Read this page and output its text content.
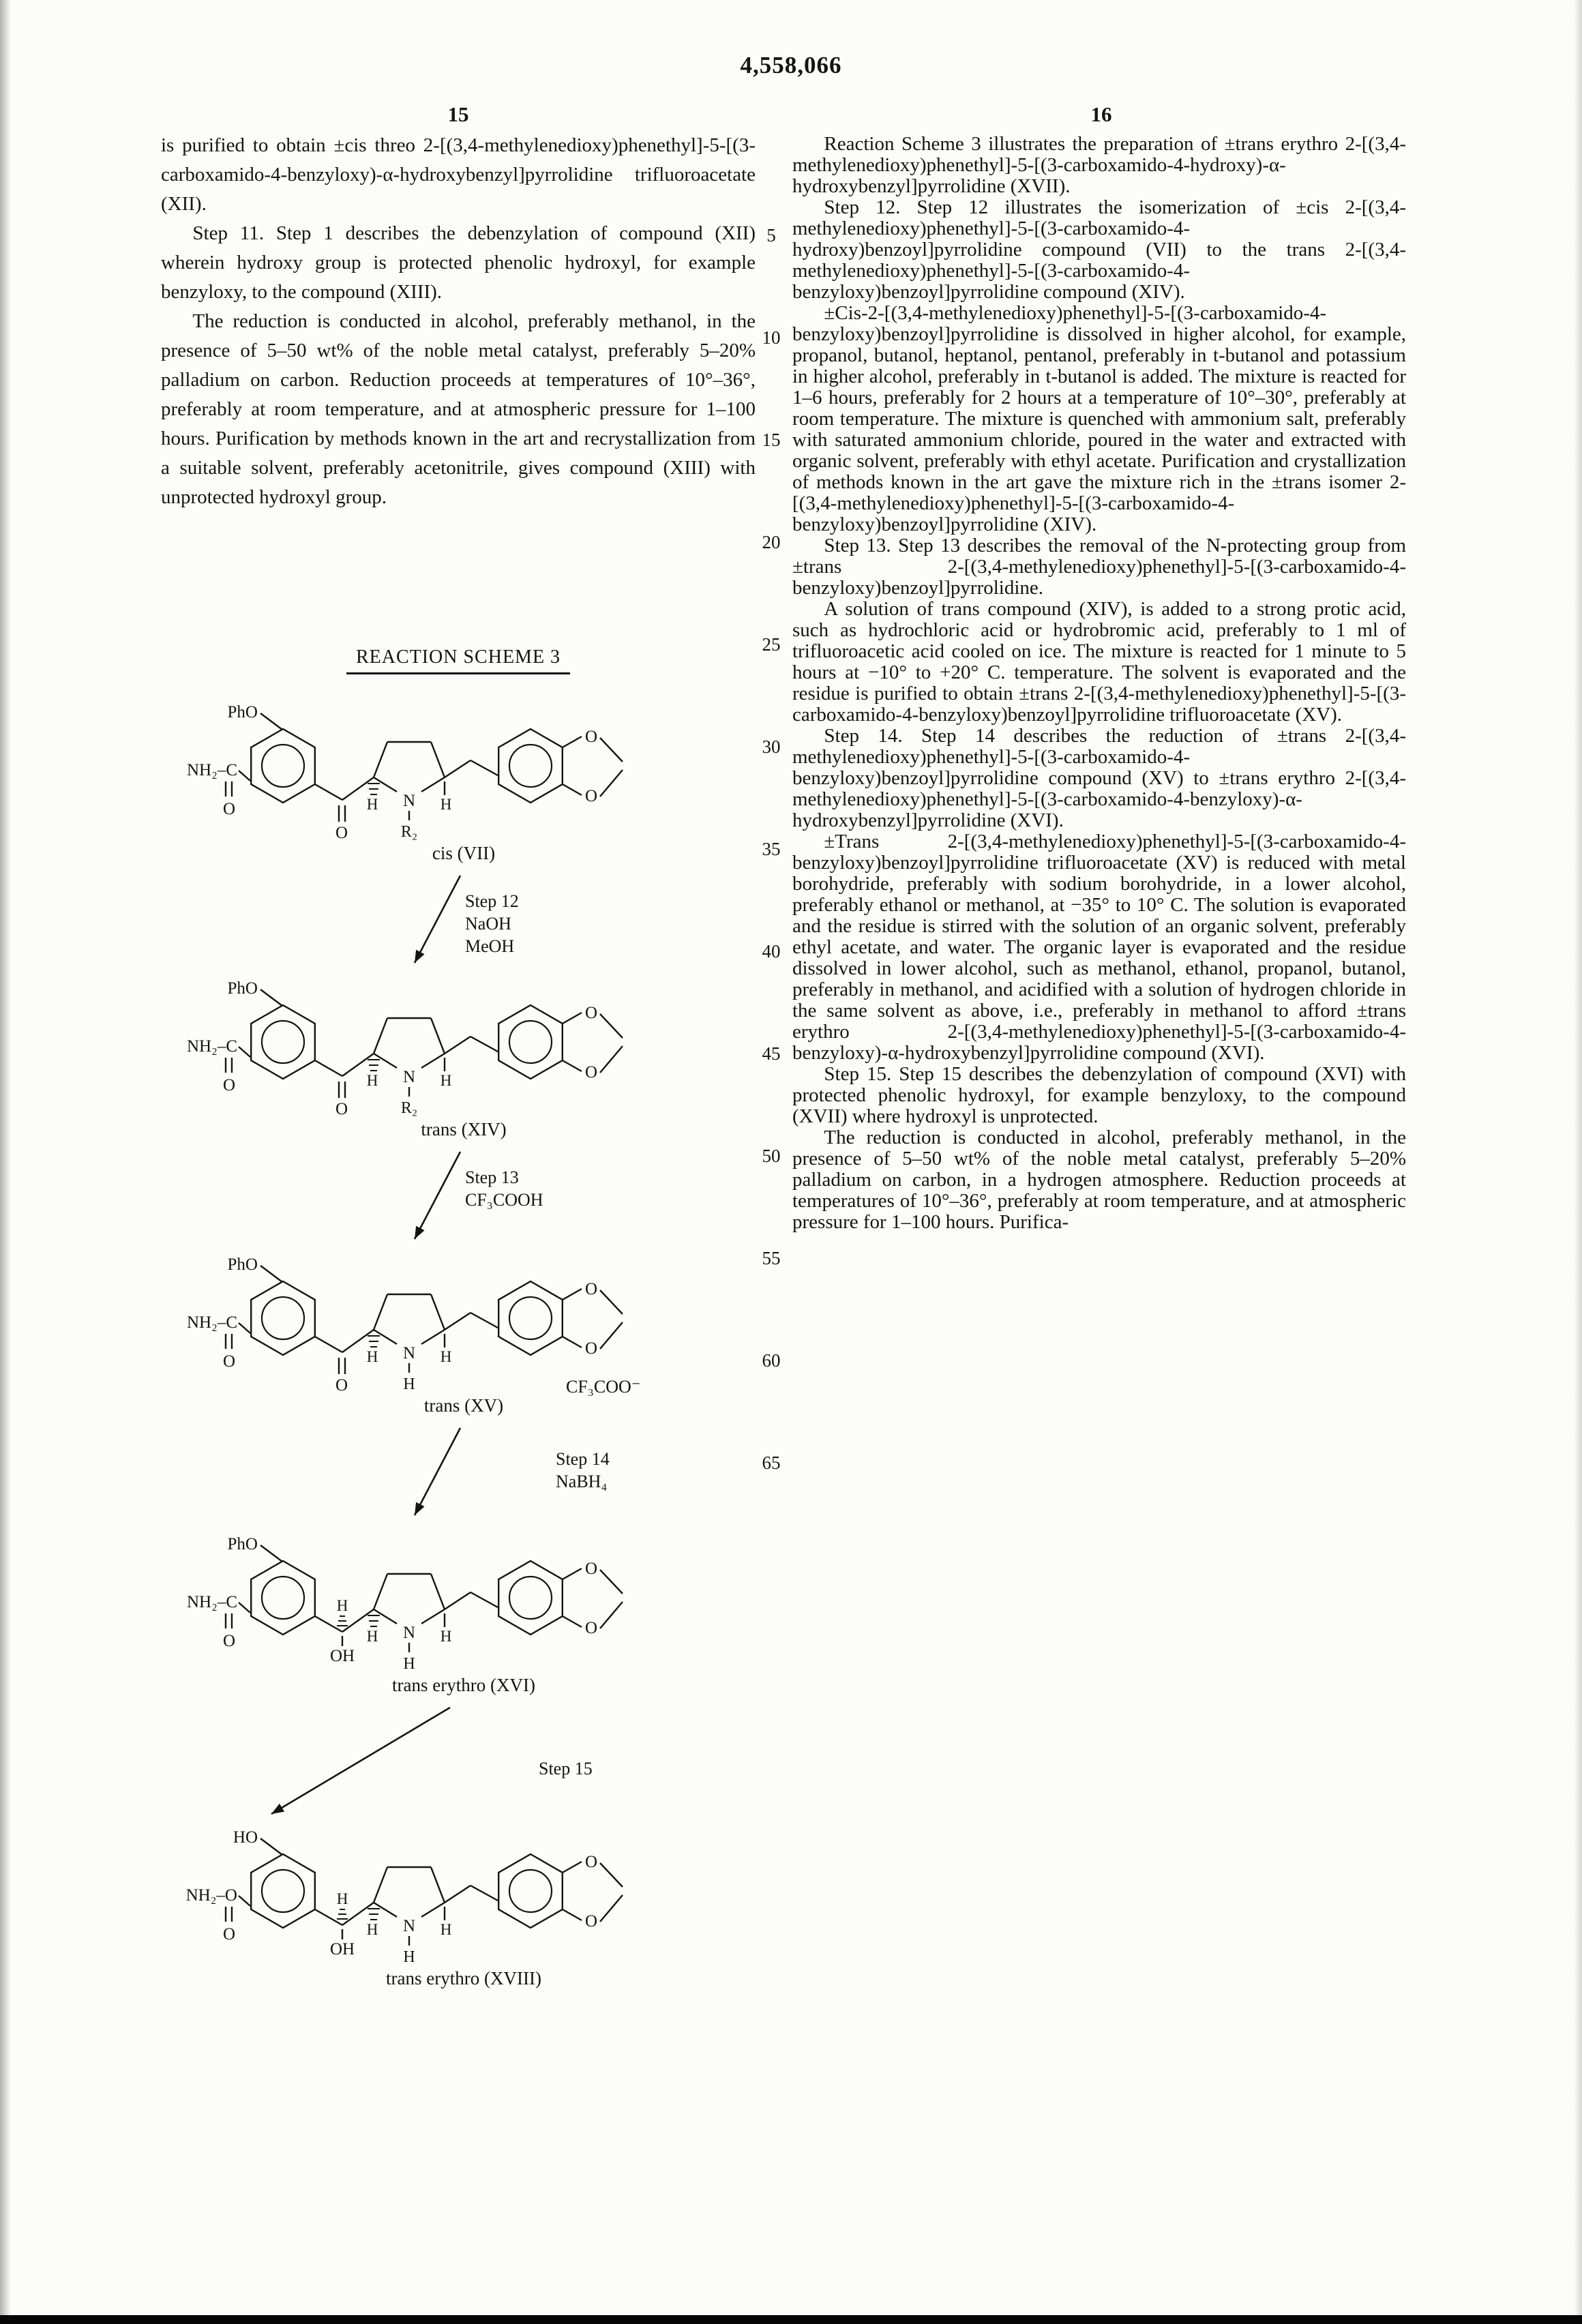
4,558,066
15	16

is purified to obtain ±cis threo 2-[(3,4-methylenedioxy)phenethyl]-5-[(3-carboxamido-4-benzyloxy)-α-hydroxybenzyl]pyrrolidine trifluoroacetate (XII).

Step 11. Step 1 describes the debenzylation of compound (XII) wherein hydroxy group is protected phenolic hydroxyl, for example benzyloxy, to the compound (XIII).

The reduction is conducted in alcohol, preferably methanol, in the presence of 5–50 wt% of the noble metal catalyst, preferably 5–20% palladium on carbon. Reduction proceeds at temperatures of 10°–36°, preferably at room temperature, and at atmospheric pressure for 1–100 hours. Purification by methods known in the art and recrystallization from a suitable solvent, preferably acetonitrile, gives compound (XIII) with unprotected hydroxyl group.

REACTION SCHEME 3
PhO
NH₂–C
O
O
N
R₂
H	H
O
O
cis (VII)
PhO
NH₂–C
O
O
N
R₂
H	H
O
O
trans (XIV)
PhO
NH₂–C
O
O
N
H
H	H
O
O
trans (XV)
CF₃COO⁻
PhO
NH₂–C
O
H
OH
N
H
H	H
O
O
trans erythro (XVI)
HO
NH₂–O
O
H
OH
N
H
H	H
O
O
trans erythro (XVIII)
Step 12
NaOH
MeOH
Step 13
CF₃COOH
Step 14
NaBH₄
Step 15
5
10
15
20
25
30
35
40
45
50
55
60
65

Reaction Scheme 3 illustrates the preparation of ±trans erythro 2-[(3,4-methylenedioxy)phenethyl]-5-[(3-carboxamido-4-hydroxy)-α-hydroxybenzyl]pyrrolidine (XVII).

Step 12. Step 12 illustrates the isomerization of ±cis 2-[(3,4-methylenedioxy)phenethyl]-5-[(3-carboxamido-4-hydroxy)benzoyl]pyrrolidine compound (VII) to the trans 2-[(3,4-methylenedioxy)phenethyl]-5-[(3-carboxamido-4-benzyloxy)benzoyl]pyrrolidine compound (XIV).

±Cis-2-[(3,4-methylenedioxy)phenethyl]-5-[(3-carboxamido-4-benzyloxy)benzoyl]pyrrolidine is dissolved in higher alcohol, for example, propanol, butanol, heptanol, pentanol, preferably in t-butanol and potassium in higher alcohol, preferably in t-butanol is added. The mixture is reacted for 1–6 hours, preferably for 2 hours at a temperature of 10°–30°, preferably at room temperature. The mixture is quenched with ammonium salt, preferably with saturated ammonium chloride, poured in the water and extracted with organic solvent, preferably with ethyl acetate. Purification and crystallization of methods known in the art gave the mixture rich in the ±trans isomer 2-[(3,4-methylenedioxy)phenethyl]-5-[(3-carboxamido-4-benzyloxy)benzoyl]pyrrolidine (XIV).

Step 13. Step 13 describes the removal of the N-protecting group from ±trans 2-[(3,4-methylenedioxy)phenethyl]-5-[(3-carboxamido-4-benzyloxy)benzoyl]pyrrolidine.

A solution of trans compound (XIV), is added to a strong protic acid, such as hydrochloric acid or hydrobromic acid, preferably to 1 ml of trifluoroacetic acid cooled on ice. The mixture is reacted for 1 minute to 5 hours at −10° to +20° C. temperature. The solvent is evaporated and the residue is purified to obtain ±trans 2-[(3,4-methylenedioxy)phenethyl]-5-[(3-carboxamido-4-benzyloxy)benzoyl]pyrrolidine trifluoroacetate (XV).

Step 14. Step 14 describes the reduction of ±trans 2-[(3,4-methylenedioxy)phenethyl]-5-[(3-carboxamido-4-benzyloxy)benzoyl]pyrrolidine compound (XV) to ±trans erythro 2-[(3,4-methylenedioxy)phenethyl]-5-[(3-carboxamido-4-benzyloxy)-α-hydroxybenzyl]pyrrolidine (XVI).

±Trans 2-[(3,4-methylenedioxy)phenethyl]-5-[(3-carboxamido-4-benzyloxy)benzoyl]pyrrolidine trifluoroacetate (XV) is reduced with metal borohydride, preferably with sodium borohydride, in a lower alcohol, preferably ethanol or methanol, at −35° to 10° C. The solution is evaporated and the residue is stirred with the solution of an organic solvent, preferably ethyl acetate, and water. The organic layer is evaporated and the residue dissolved in lower alcohol, such as methanol, ethanol, propanol, butanol, preferably in methanol, and acidified with a solution of hydrogen chloride in the same solvent as above, i.e., preferably in methanol to afford ±trans erythro 2-[(3,4-methylenedioxy)phenethyl]-5-[(3-carboxamido-4-benzyloxy)-α-hydroxybenzyl]pyrrolidine compound (XVI).

Step 15. Step 15 describes the debenzylation of compound (XVI) with protected phenolic hydroxyl, for example benzyloxy, to the compound (XVII) where hydroxyl is unprotected.

The reduction is conducted in alcohol, preferably methanol, in the presence of 5–50 wt% of the noble metal catalyst, preferably 5–20% palladium on carbon, in a hydrogen atmosphere. Reduction proceeds at temperatures of 10°–36°, preferably at room temperature, and at atmospheric pressure for 1–100 hours. Purifica-
